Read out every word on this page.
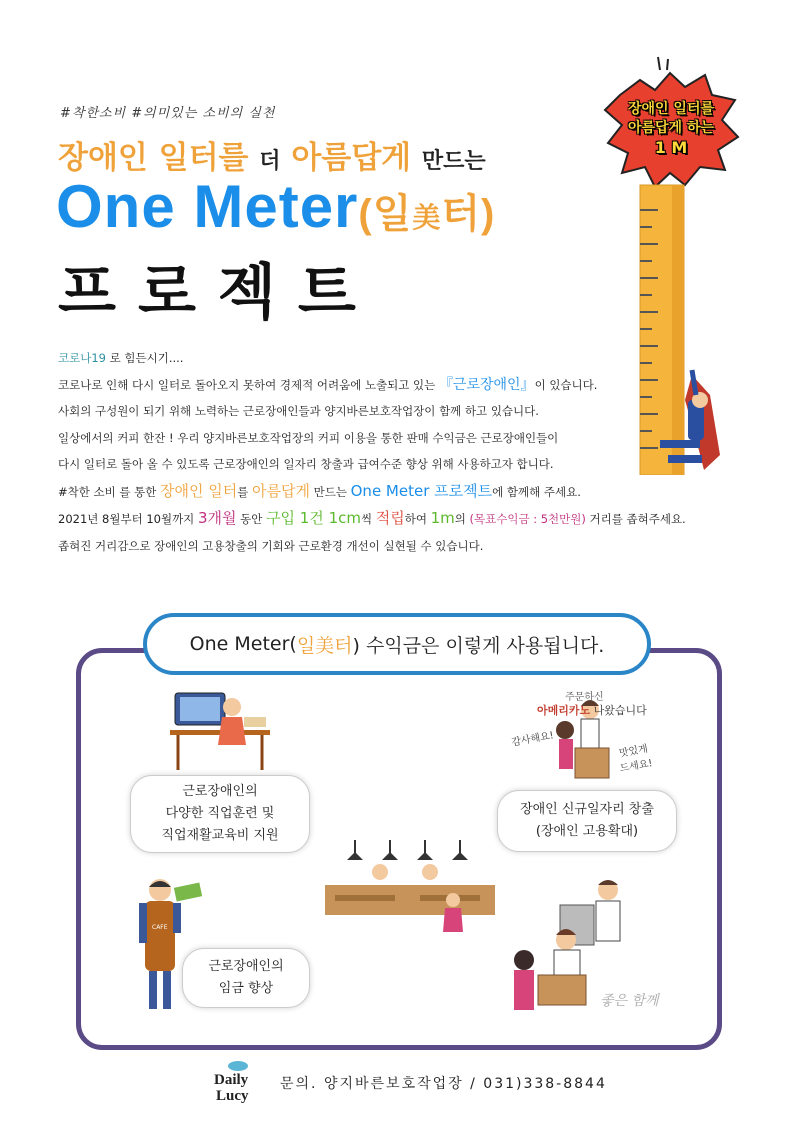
#착한소비 #의미있는 소비의 실천
장애인 일터를 더 아름답게 만드는
One Meter(일美터)
프로젝트
장애인 일터를
아름답게 하는
1 M

코로나19 로 힘든시기....

코로나로 인해 다시 일터로 돌아오지 못하여 경제적 어려움에 노출되고 있는 『근로장애인』이 있습니다.

사회의 구성원이 되기 위해 노력하는 근로장애인들과 양지바른보호작업장이 함께 하고 있습니다.

일상에서의 커피 한잔 ! 우리 양지바른보호작업장의 커피 이용을 통한 판매 수익금은 근로장애인들이

다시 일터로 돌아 올 수 있도록 근로장애인의 일자리 창출과 급여수준 향상 위해 사용하고자 합니다.

#착한 소비 를 통한 장애인 일터를 아름답게 만드는 One Meter 프로젝트에 함께해 주세요.

2021년 8월부터 10월까지 3개월 동안 구입 1건 1cm씩 적립하여 1m의 (목표수익금 : 5천만원) 거리를 좁혀주세요.

좁혀진 거리감으로 장애인의 고용창출의 기회와 근로환경 개선이 실현될 수 있습니다.

One Meter( 일美터 ) 수익금은 이렇게 사용됩니다.
CAFE
주문하신
아메리카노 나왔습니다
감사해요!
맛있게
드세요!
좋은 함께
근로장애인의
다양한 직업훈련 및
직업재활교육비 지원
장애인 신규일자리 창출
(장애인 고용확대)
근로장애인의
임금 향상
Daily
Lucy
문의. 양지바른보호작업장 / 031)338-8844
